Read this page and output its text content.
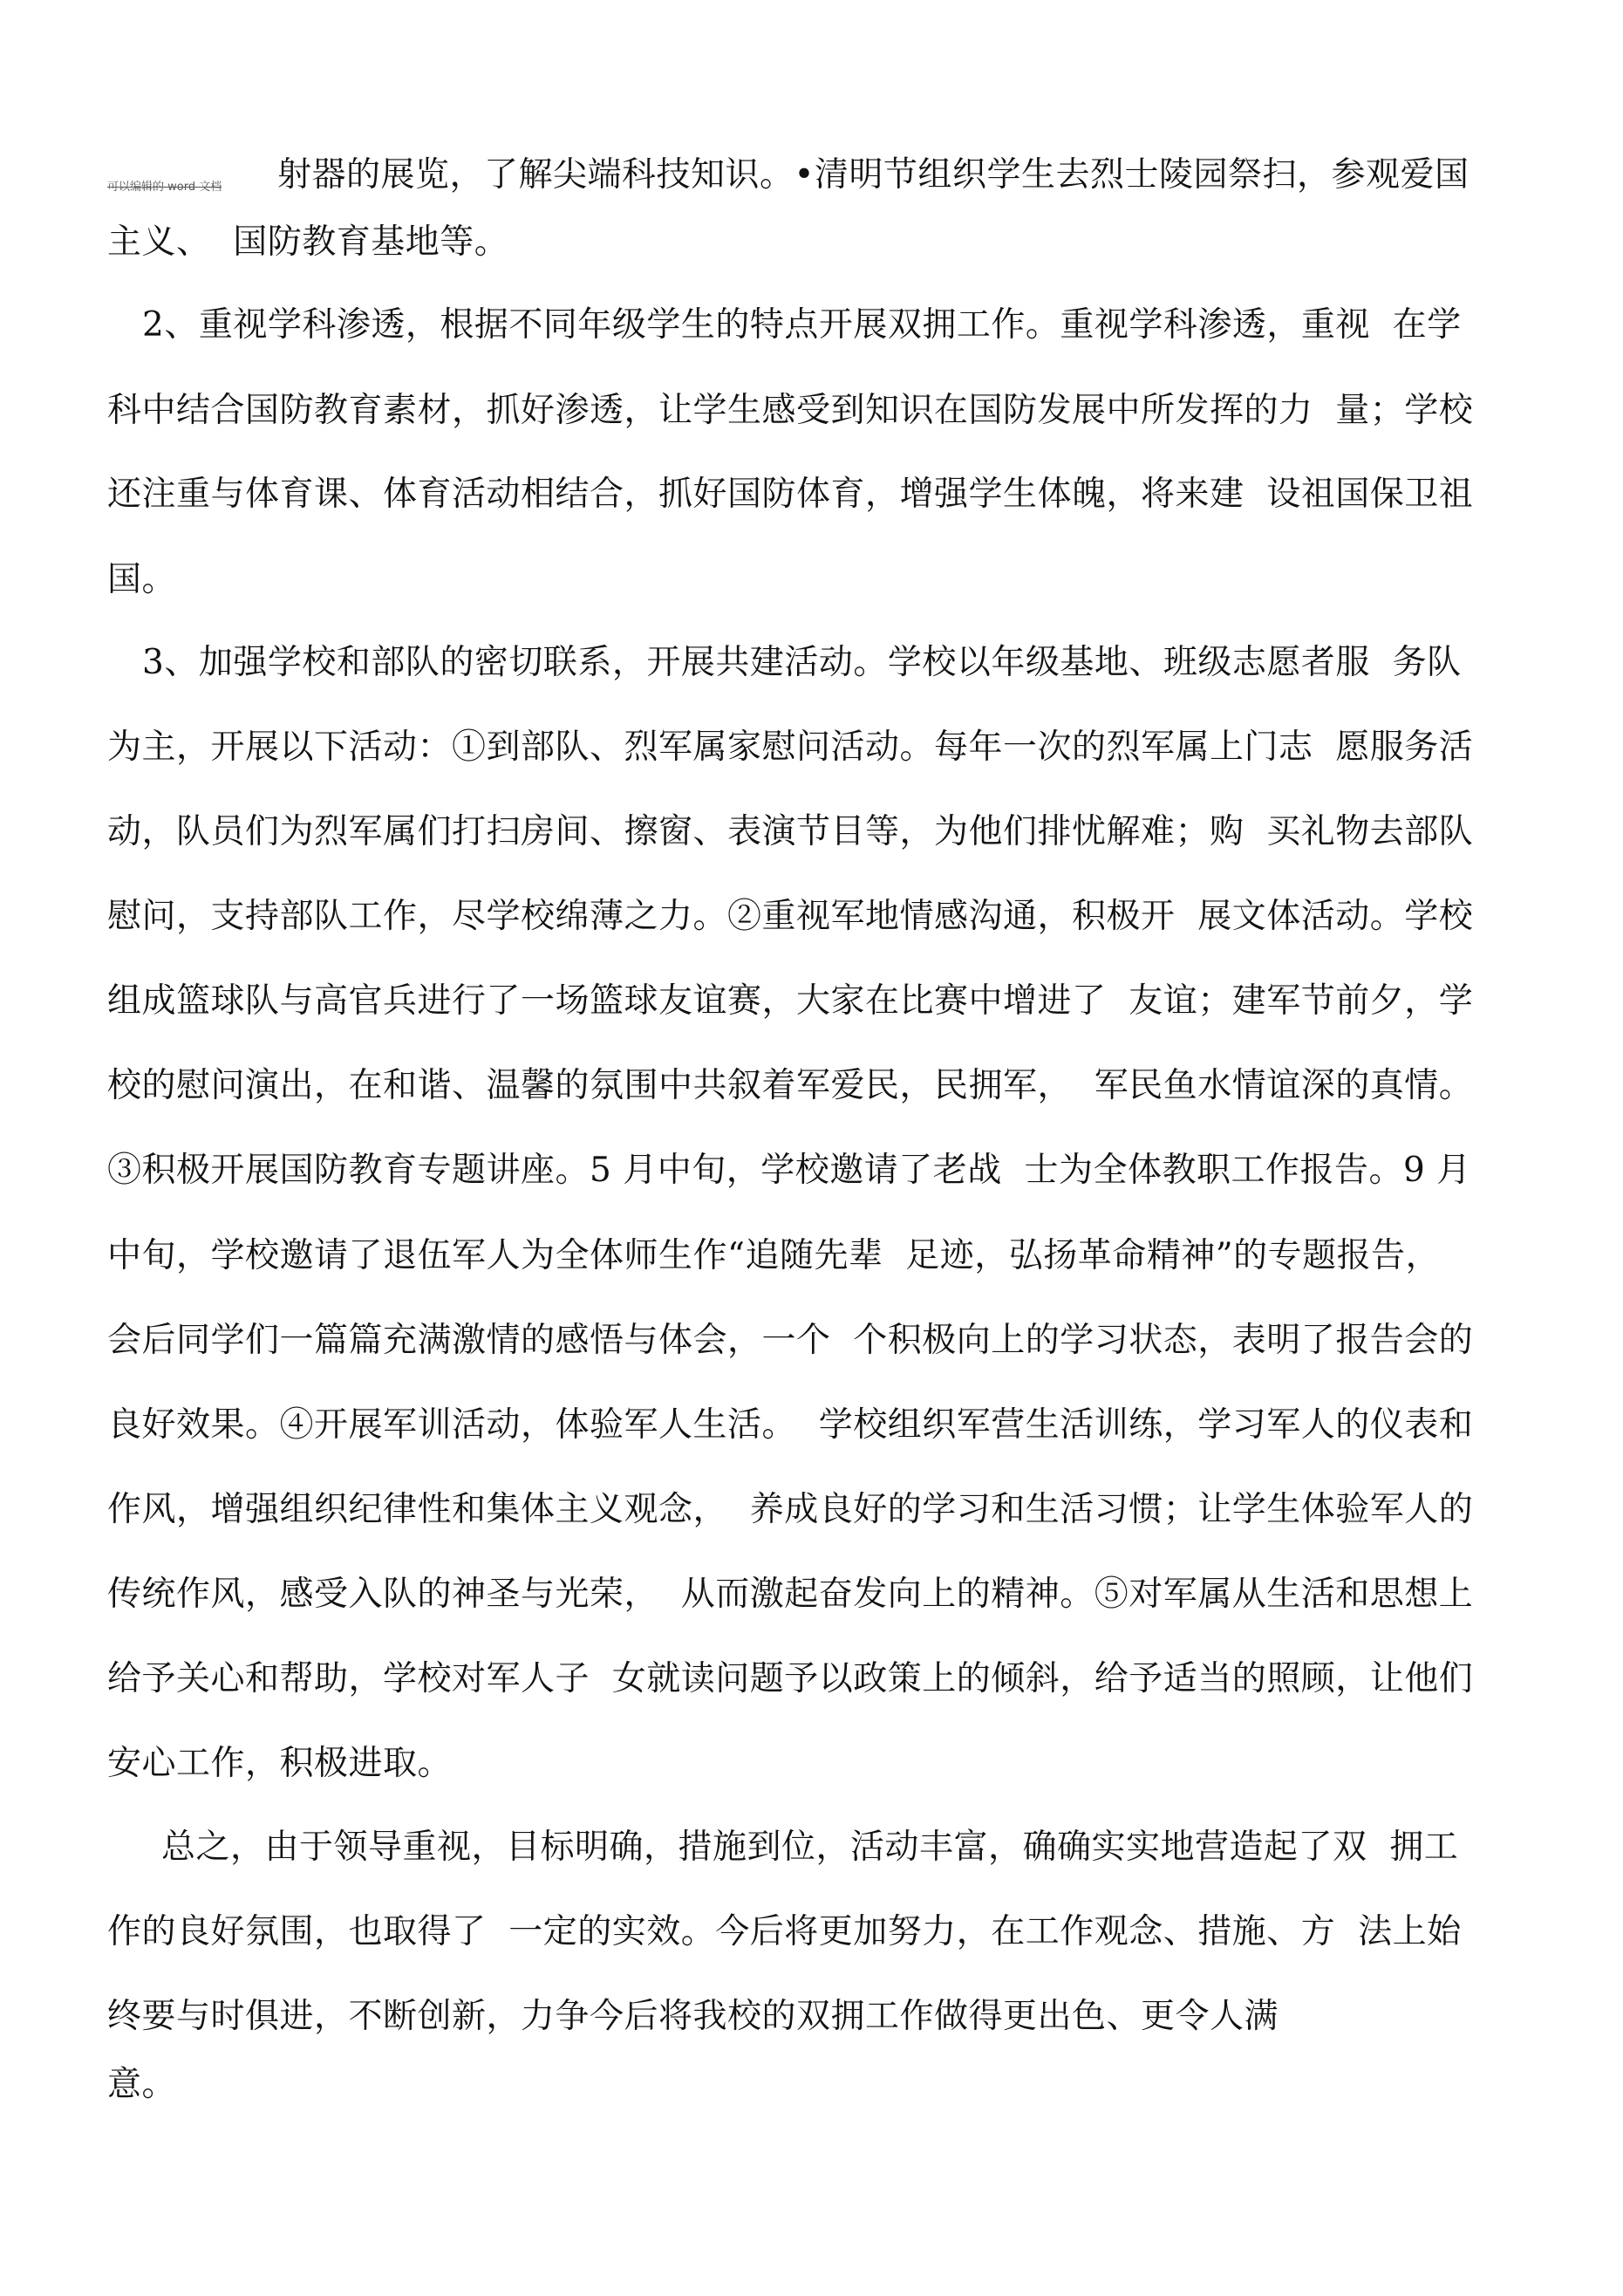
可以编辑的 word 文档 射器的展览，了解尖端科技知识。•清明节组织学生去烈士陵园祭扫，参观爱国
主义、  国防教育基地等。
2、重视学科渗透，根据不同年级学生的特点开展双拥工作。重视学科渗透，重视  在学
科中结合国防教育素材，抓好渗透，让学生感受到知识在国防发展中所发挥的力  量；学校
还注重与体育课、体育活动相结合，抓好国防体育，增强学生体魄，将来建  设祖国保卫祖
国。
3、加强学校和部队的密切联系，开展共建活动。学校以年级基地、班级志愿者服  务队
为主，开展以下活动：①到部队、烈军属家慰问活动。每年一次的烈军属上门志  愿服务活
动，队员们为烈军属们打扫房间、擦窗、表演节目等，为他们排忧解难；购  买礼物去部队
慰问，支持部队工作，尽学校绵薄之力。②重视军地情感沟通，积极开  展文体活动。学校
组成篮球队与高官兵进行了一场篮球友谊赛，大家在比赛中增进了  友谊；建军节前夕，学
校的慰问演出，在和谐、温馨的氛围中共叙着军爱民，民拥军，  军民鱼水情谊深的真情。
③积极开展国防教育专题讲座。5 月中旬，学校邀请了老战  士为全体教职工作报告。9 月
中旬，学校邀请了退伍军人为全体师生作“追随先辈  足迹，弘扬革命精神”的专题报告，
会后同学们一篇篇充满激情的感悟与体会，一个  个积极向上的学习状态，表明了报告会的
良好效果。④开展军训活动，体验军人生活。  学校组织军营生活训练，学习军人的仪表和
作风，增强组织纪律性和集体主义观念，  养成良好的学习和生活习惯；让学生体验军人的
传统作风，感受入队的神圣与光荣，  从而激起奋发向上的精神。⑤对军属从生活和思想上
给予关心和帮助，学校对军人子  女就读问题予以政策上的倾斜，给予适当的照顾，让他们
安心工作，积极进取。
总之，由于领导重视，目标明确，措施到位，活动丰富，确确实实地营造起了双  拥工
作的良好氛围，也取得了  一定的实效。今后将更加努力，在工作观念、措施、方  法上始
终要与时俱进，不断创新，力争今后将我校的双拥工作做得更出色、更令人满
意。
